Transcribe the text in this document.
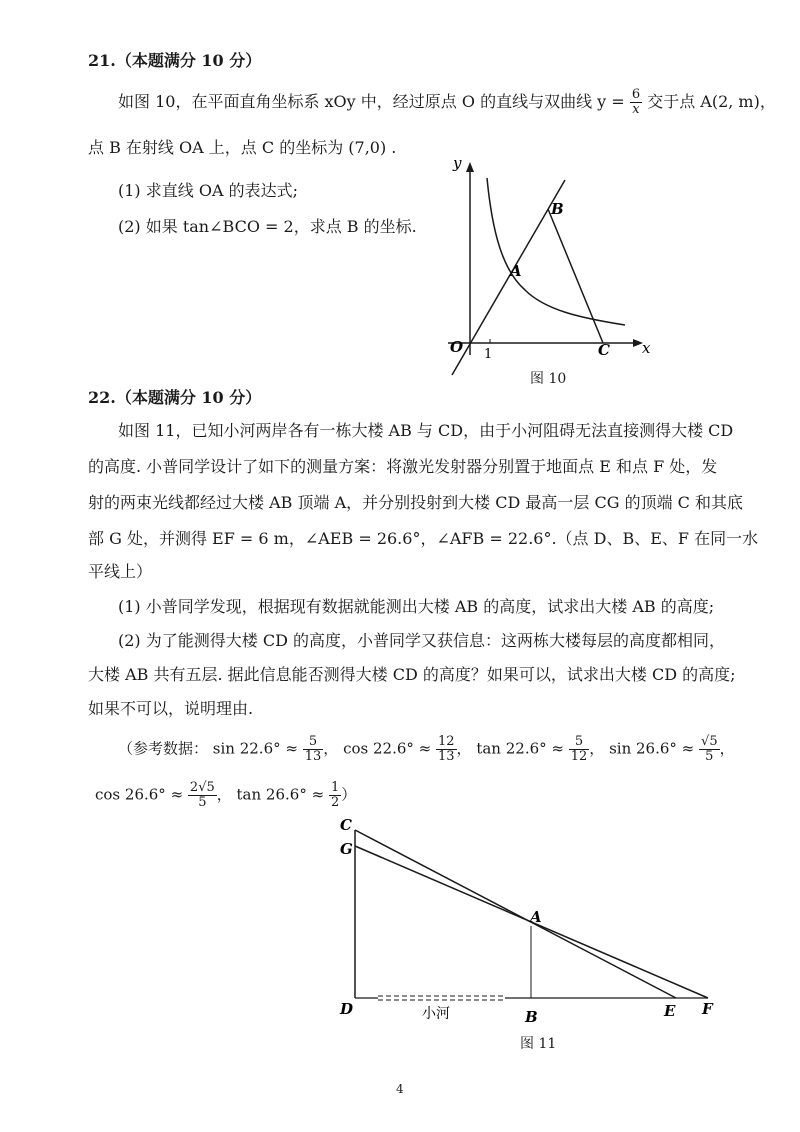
21.（本题满分 10 分）
如图 10，在平面直角坐标系 xOy 中，经过原点 O 的直线与双曲线 $y = \frac{6}{x}$ 交于点 A(2, m)，
点 B 在射线 OA 上，点 C 的坐标为 (7,0) .
(1) 求直线 OA 的表达式;
(2) 如果 tan∠BCO = 2，求点 B 的坐标.
y
x
O 1
A
B
C
图 10
22.（本题满分 10 分）
如图 11，已知小河两岸各有一栋大楼 AB 与 CD，由于小河阻碍无法直接测得大楼 CD
的高度. 小普同学设计了如下的测量方案：将激光发射器分别置于地面点 E 和点 F 处，发
射的两束光线都经过大楼 AB 顶端 A，并分别投射到大楼 CD 最高一层 CG 的顶端 C 和其底
部 G 处，并测得 EF = 6 m，∠AEB = 26.6°，∠AFB = 22.6°.（点 D、B、E、F 在同一水
平线上）
(1) 小普同学发现，根据现有数据就能测出大楼 AB 的高度，试求出大楼 AB 的高度;
(2) 为了能测得大楼 CD 的高度，小普同学又获信息：这两栋大楼每层的高度都相同，
大楼 AB 共有五层. 据此信息能否测得大楼 CD 的高度？如果可以，试求出大楼 CD 的高度;
如果不可以，说明理由.
（参考数据： $\sin 22.6^\circ \approx \frac{5}{13}$ ， $\cos 22.6^\circ \approx \frac{12}{13}$ ， $\tan 22.6^\circ \approx \frac{5}{12}$ ， $\sin 26.6^\circ \approx \frac{√5}{5}$ ，
$\cos 26.6^\circ \approx \frac{2√5}{5}$ ， $\tan 26.6^\circ \approx \frac{1}{2}$ ）
C
G
A
D	B	E F
小河
图 11
4
